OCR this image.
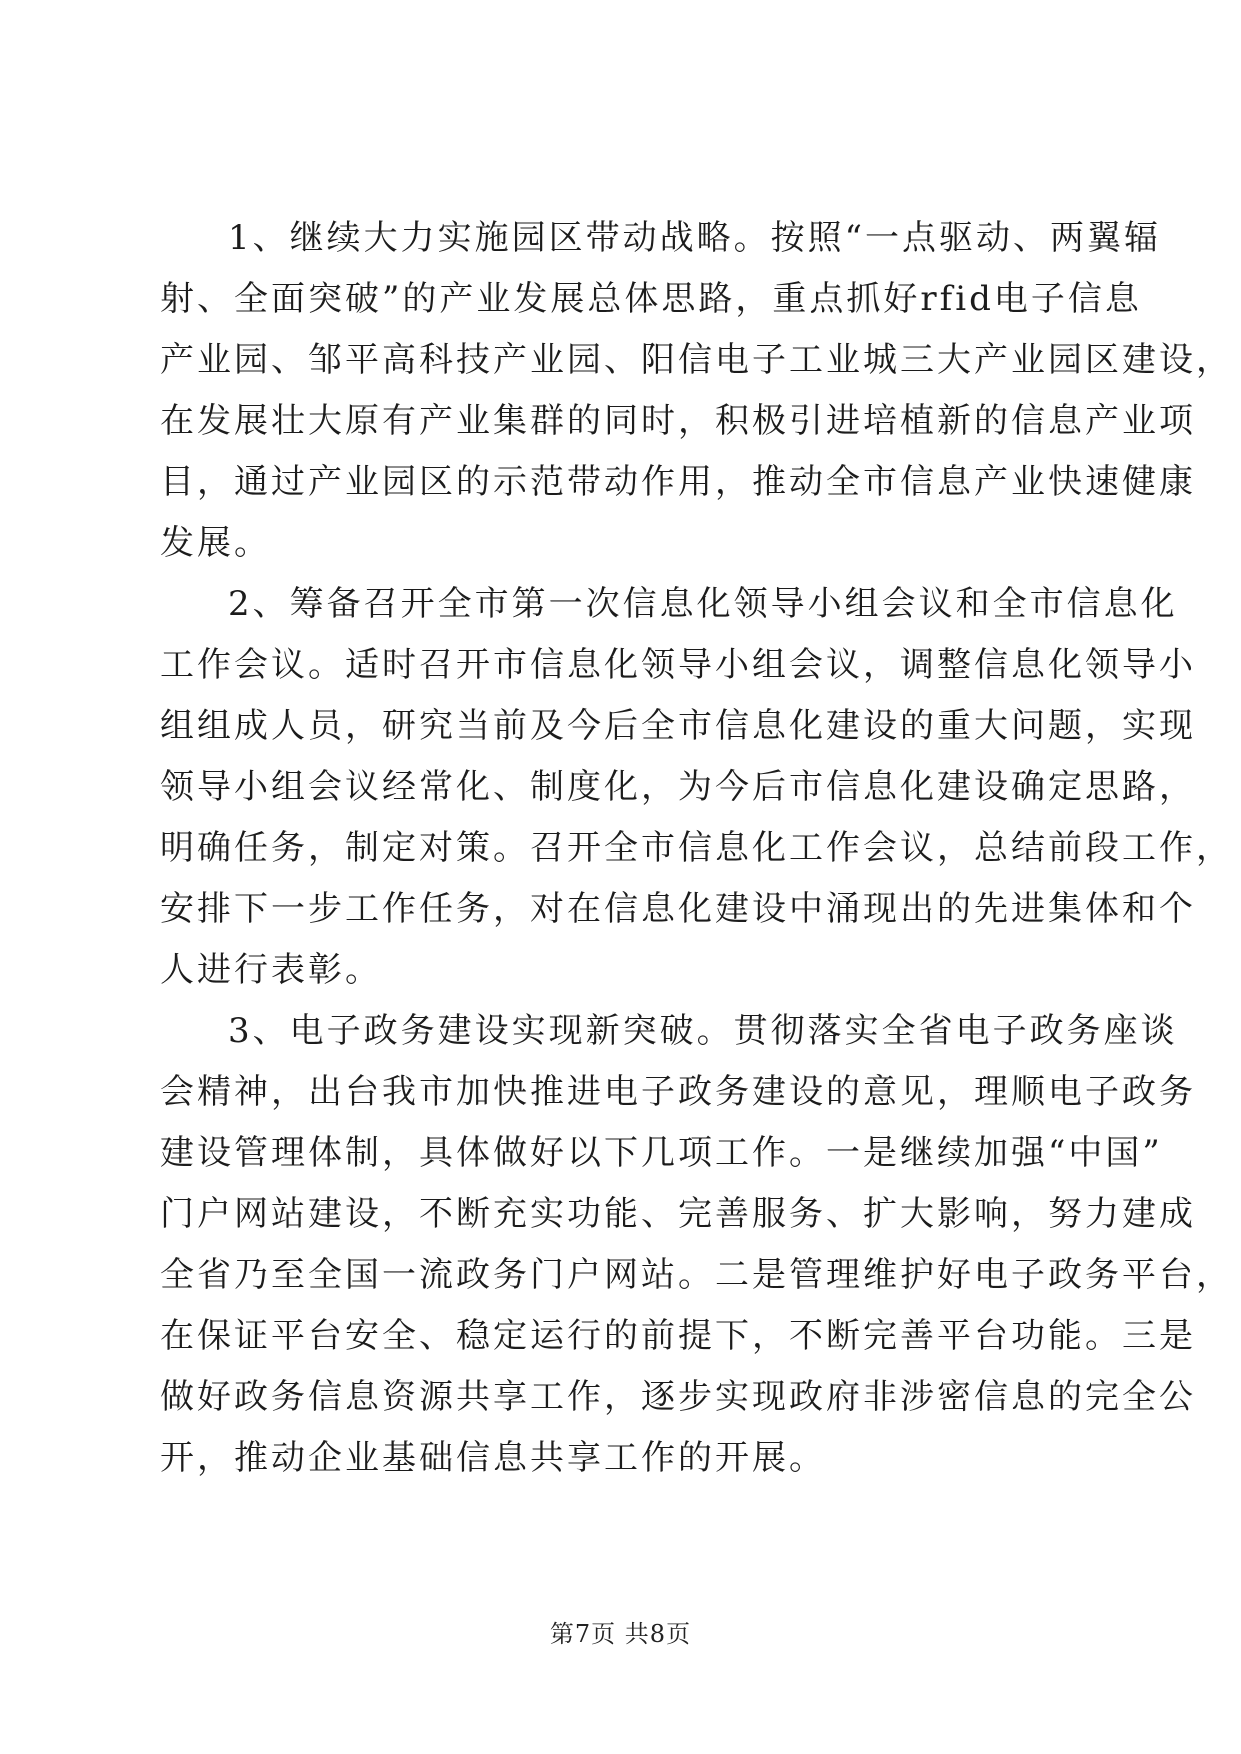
1、继续大力实施园区带动战略。按照“一点驱动、两翼辐
射、全面突破”的产业发展总体思路，重点抓好rfid电子信息
产业园、邹平高科技产业园、阳信电子工业城三大产业园区建设，
在发展壮大原有产业集群的同时，积极引进培植新的信息产业项
目，通过产业园区的示范带动作用，推动全市信息产业快速健康
发展。
2、筹备召开全市第一次信息化领导小组会议和全市信息化
工作会议。适时召开市信息化领导小组会议，调整信息化领导小
组组成人员，研究当前及今后全市信息化建设的重大问题，实现
领导小组会议经常化、制度化，为今后市信息化建设确定思路，
明确任务，制定对策。召开全市信息化工作会议，总结前段工作，
安排下一步工作任务，对在信息化建设中涌现出的先进集体和个
人进行表彰。
3、电子政务建设实现新突破。贯彻落实全省电子政务座谈
会精神，出台我市加快推进电子政务建设的意见，理顺电子政务
建设管理体制，具体做好以下几项工作。一是继续加强“中国”
门户网站建设，不断充实功能、完善服务、扩大影响，努力建成
全省乃至全国一流政务门户网站。二是管理维护好电子政务平台，
在保证平台安全、稳定运行的前提下，不断完善平台功能。三是
做好政务信息资源共享工作，逐步实现政府非涉密信息的完全公
开，推动企业基础信息共享工作的开展。
第7页 共8页
